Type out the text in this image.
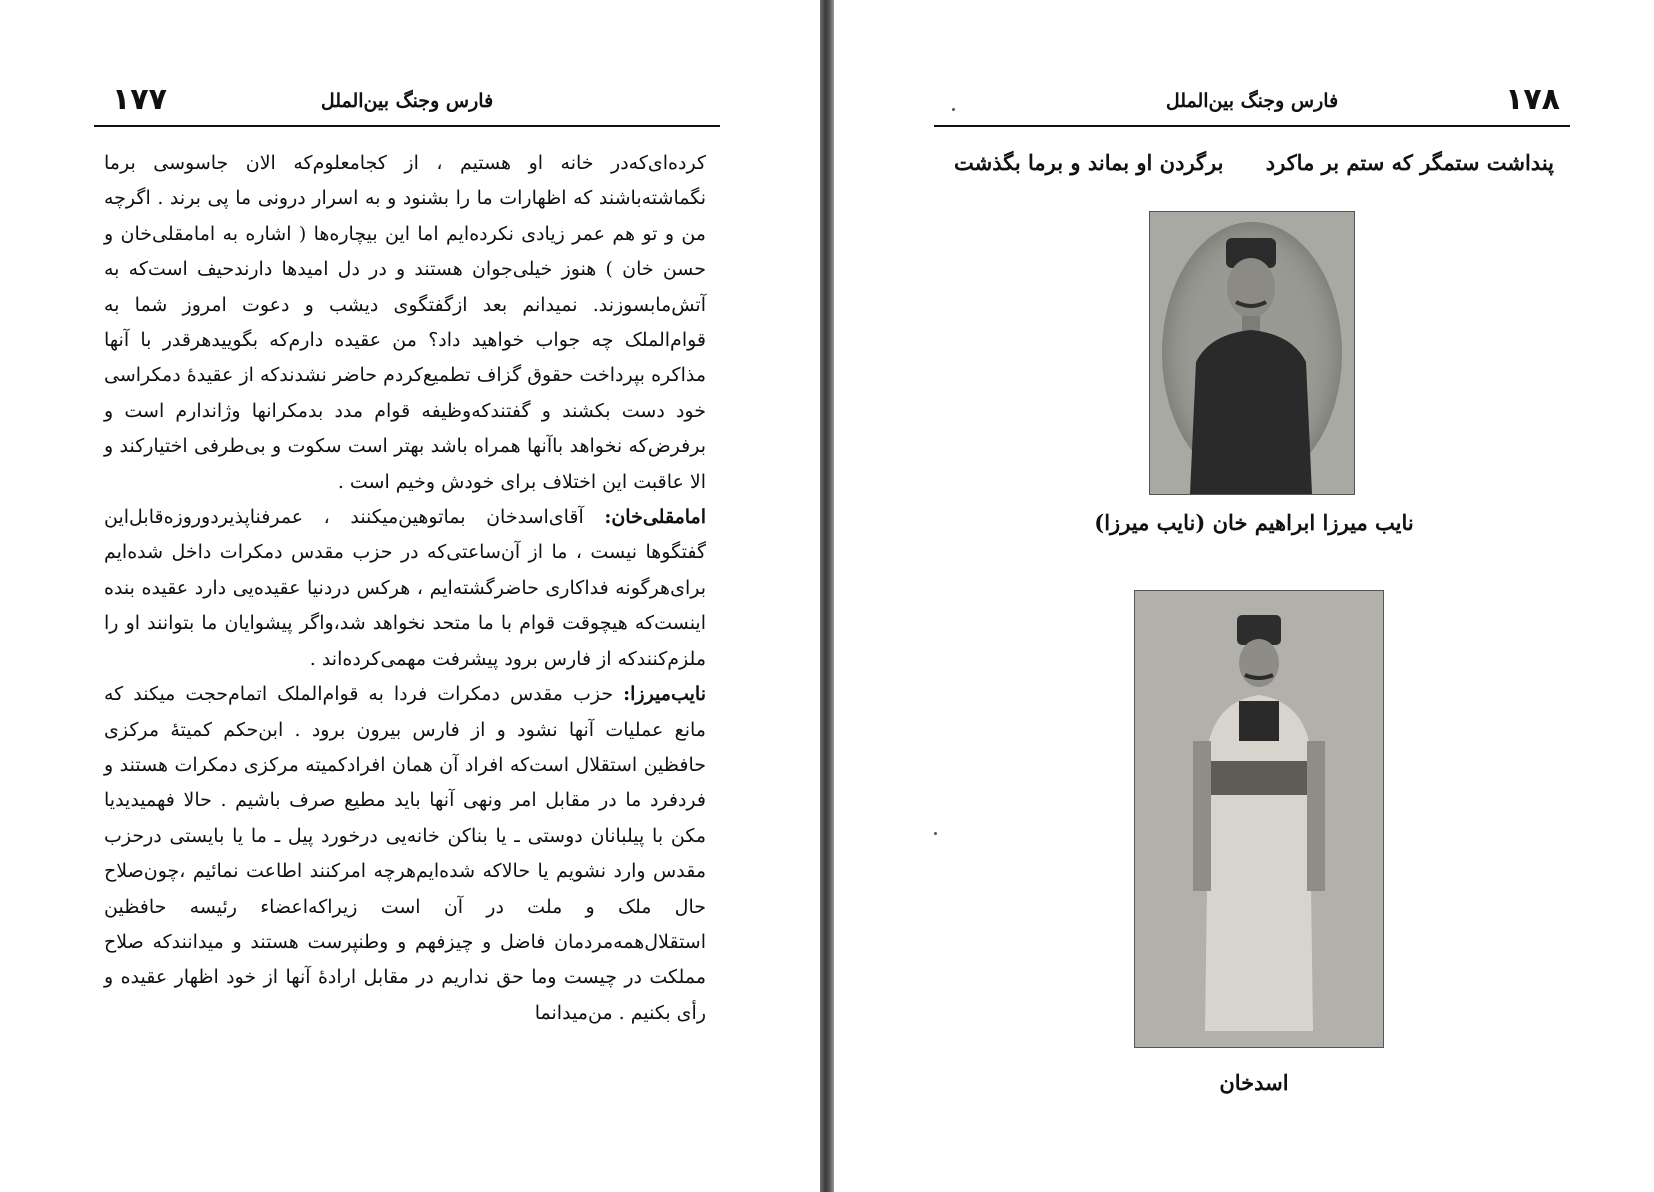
فارس وجنگ بین‌الملل
۱۷۷

کرده‌ای‌که‌در خانه او هستیم ، از کجامعلوم‌که الان جاسوسی برما نگماشته‌باشند که اظهارات ما را بشنود و به اسرار درونی ما پی برند . اگرچه من و تو هم عمر زیادی نکرده‌ایم اما این بیچاره‌ها ( اشاره به امامقلی‌خان و حسن خان ) هنوز خیلی‌جوان هستند و در دل امیدها دارندحیف است‌که به آتش‌مابسوزند. نمیدانم بعد ازگفتگوی دیشب و دعوت امروز شما به قوام‌الملک چه جواب خواهید داد؟ من عقیده دارم‌که بگوییدهرقدر با آنها مذاکره بپرداخت حقوق گزاف تطمیع‌کردم حاضر نشدند‌که از عقیدهٔ دمکراسی خود دست بکشند و گفتندکه‌وظیفه قوام مدد بدمکرانها وژاندارم است و برفرض‌که نخواهد باآنها همراه باشد بهتر است سکوت و بی‌طرفی اختیارکند و الا عاقبت این اختلاف برای خودش وخیم است .

امامقلی‌خان: آقای‌اسدخان بماتوهین‌میکنند ، عمرفناپذیر‌دوروزه‌قابل‌این گفتگوها نیست ، ما از آن‌ساعتی‌که در حزب مقدس دمکرات داخل شده‌ایم برای‌هرگونه فداکاری حاضرگشته‌ایم ، هرکس دردنیا عقیده‌یی دارد عقیده بنده اینست‌که هیچوقت قوام با ما متحد نخواهد شد،واگر پیشوایان ما بتوانند او را ملزم‌کنندکه از فارس برود پیشرفت مهمی‌کرده‌اند .

نایب‌میرزا: حزب مقدس دمکرات فردا به قوام‌الملک اتمام‌حجت میکند که مانع عملیات آنها نشود و از فارس بیرون برود . ابن‌حکم کمیتهٔ مرکزی حافظین استقلال است‌که افراد آن همان افرادکمیته مرکزی دمکرات هستند و فردفرد ما در مقابل امر ونهی آنها باید مطیع صرف باشیم . حالا فهمیدیدیا مکن با پیلبانان دوستی ـ یا بناکن خانه‌یی درخورد پیل ـ ما یا بایستی درحزب مقدس وارد نشویم یا حالاکه شده‌ایم‌هرچه امرکنند اطاعت نمائیم ،چون‌صلاح حال ملک و ملت در آن است زیراکه‌اعضاء رئیسه حافظین استقلال‌همه‌مردمان فاضل و چیزفهم و وطنپرست هستند و میدانندکه صلاح مملکت در چیست وما حق نداریم در مقابل ارادهٔ آنها از خود اظهار عقیده و رأی بکنیم . من‌میدانما

فارس وجنگ بین‌الملل	۱۷۸
پنداشت ستمگر که ستم بر ماکرد
برگردن او بماند و برما بگذشت
نایب میرزا ابراهیم خان (نایب میرزا)
اسدخان
